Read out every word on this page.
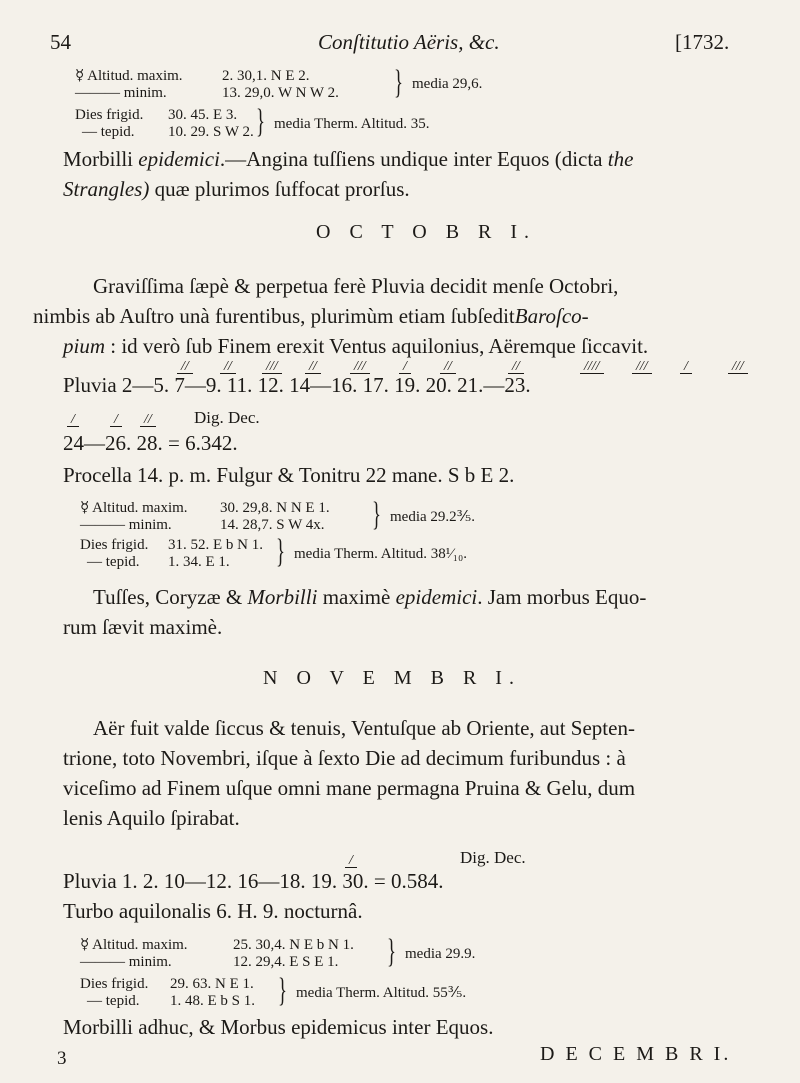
54	Conſtitutio Aëris, &c.	[1732.
☿ Altitud. maxim.	2. 30,1. N E 2.
——— minim.	13. 29,0. W N W 2. } media 29,6.
Dies frigid. 30. 45. E 3.
— tepid. 10. 29. S W 2. } media Therm. Altitud. 35.
Morbilli epidemici.—Angina tuſſiens undique inter Equos (dicta the
Strangles) quæ plurimos ſuffocat prorſus.
O C T O B R I.
Graviſſima ſæpè & perpetua ferè Pluvia decidit menſe Octobri,
nimbis ab Auſtro unà furentibus, plurimùm etiam ſubſeditBaroſco-
pium : id verò ſub Finem erexit Ventus aquilonius, Aëremque ſiccavit.
//	// /// //	///	/	//	//	////	///	/	///
Pluvia 2—5. 7—9. 11. 12. 14—16. 17. 19. 20. 21.—23.
/	/ // Dig. Dec.
24—26. 28. = 6.342.
Procella 14. p. m. Fulgur & Tonitru 22 mane. S b E 2.
☿ Altitud. maxim. 30. 29,8. N N E 1.
——— minim.	14. 28,7. S W 4x. } media 29.2⅗.
Dies frigid. 31. 52. E b N 1.
— tepid. 1. 34. E 1. } media Therm. Altitud. 38¹⁄₁₀.
Tuſſes, Coryzæ & Morbilli maximè epidemici. Jam morbus Equo-
rum ſævit maximè.
N O V E M B R I.
Aër fuit valde ſiccus & tenuis, Ventuſque ab Oriente, aut Septen-
trione, toto Novembri, iſque à ſexto Die ad decimum furibundus : à
viceſimo ad Finem uſque omni mane permagna Pruina & Gelu, dum
lenis Aquilo ſpirabat.
/	Dig. Dec.
Pluvia 1. 2. 10—12. 16—18. 19. 30. = 0.584.
Turbo aquilonalis 6. H. 9. nocturnâ.
☿ Altitud. maxim.	25. 30,4. N E b N 1.
——— minim.	12. 29,4. E S E 1. } media 29.9.
Dies frigid. 29. 63. N E 1.
— tepid. 1. 48. E b S 1. } media Therm. Altitud. 55⅗.
Morbilli adhuc, & Morbus epidemicus inter Equos.
3	D E C E M B R I.
